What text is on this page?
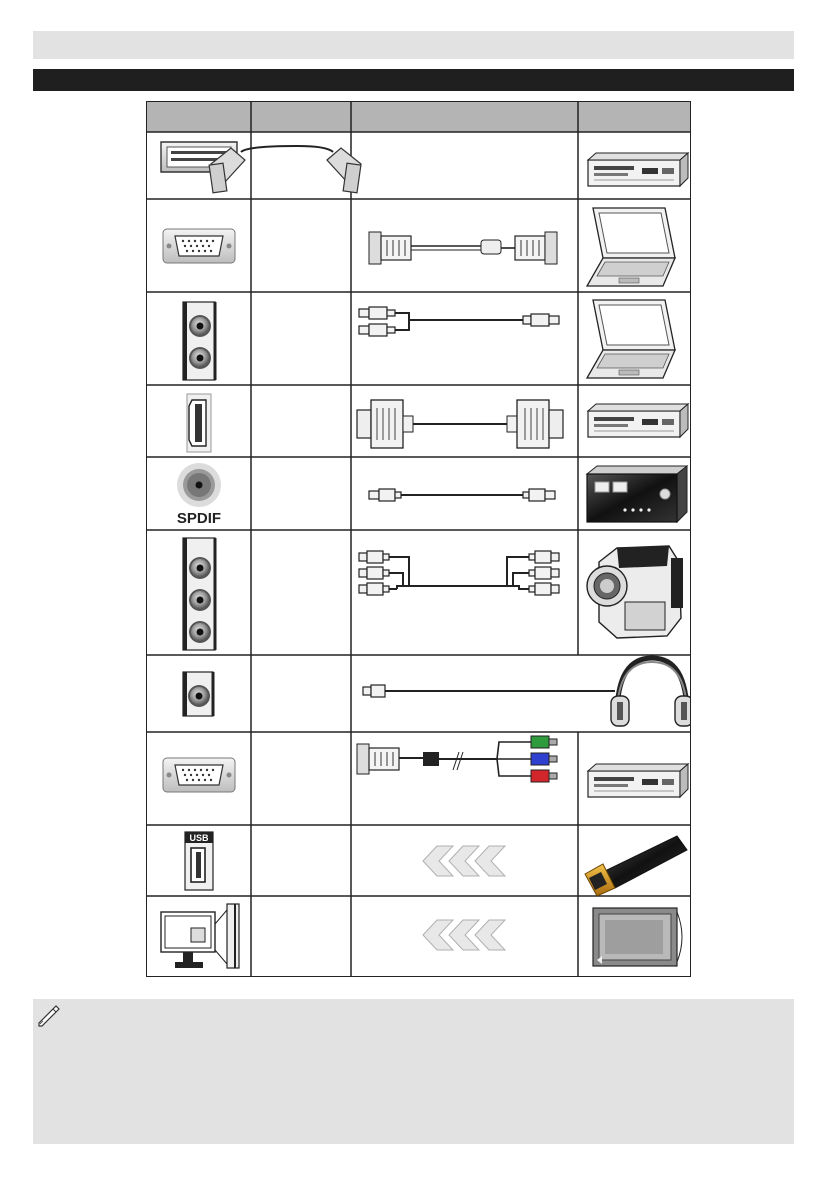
SPDIF
USB
